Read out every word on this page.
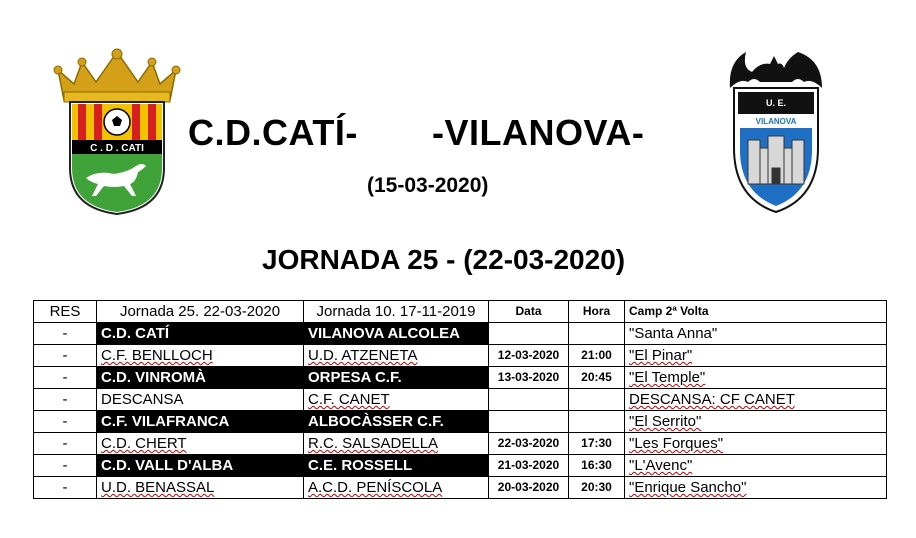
C . D . CATI
U. E.
VILANOVA
C.D.CATÍ- -VILANOVA-
(15-03-2020)
JORNADA 25 - (22-03-2020)
RES	Jornada 25. 22-03-2020	Jornada 10. 17-11-2019	Data	Hora	Camp 2ª Volta
-	C.D. CATÍ	VILANOVA ALCOLEA			"Santa Anna"
-	C.F. BENLLOCH	U.D. ATZENETA	12-03-2020	21:00	"El Pinar"
-	C.D. VINROMÀ	ORPESA C.F.	13-03-2020	20:45	"El Temple"
-	DESCANSA	C.F. CANET			DESCANSA: CF CANET
-	C.F. VILAFRANCA	ALBOCÀSSER C.F.			"El Serrito"
-	C.D. CHERT	R.C. SALSADELLA	22-03-2020	17:30	"Les Forques"
-	C.D. VALL D'ALBA	C.E. ROSSELL	21-03-2020	16:30	"L'Avenc"
-	U.D. BENASSAL	A.C.D. PENÍSCOLA	20-03-2020	20:30	"Enrique Sancho"
